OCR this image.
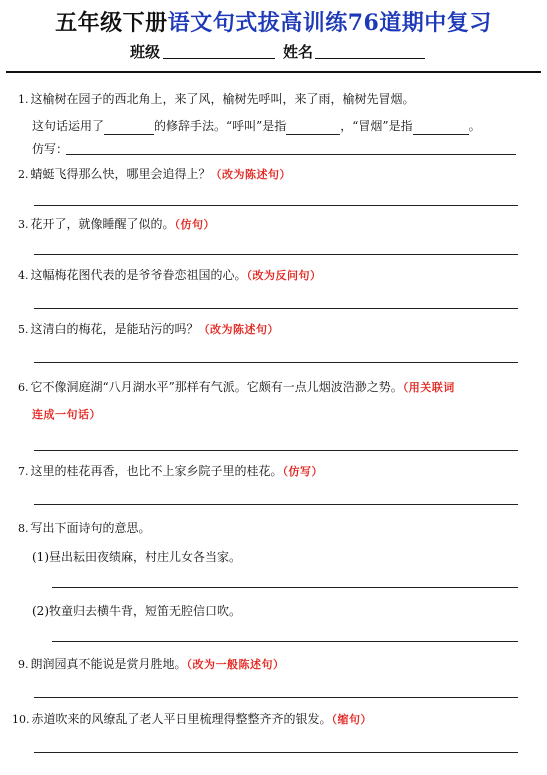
五年级下册语文句式拔高训练76道期中复习
班级	姓名
1. 这榆树在园子的西北角上，来了风，榆树先呼叫，来了雨，榆树先冒烟。
这句话运用了	的修辞手法。“呼叫”是指	，“冒烟”是指	。
仿写：
2. 蜻蜓飞得那么快，哪里会追得上？（改为陈述句）
3. 花开了，就像睡醒了似的。（仿句）
4. 这幅梅花图代表的是爷爷眷恋祖国的心。（改为反问句）
5. 这清白的梅花，是能玷污的吗？（改为陈述句）
6. 它不像洞庭湖“八月湖水平”那样有气派。它颇有一点儿烟波浩渺之势。（用关联词
连成一句话）
7. 这里的桂花再香，也比不上家乡院子里的桂花。（仿写）
8. 写出下面诗句的意思。
(1)昼出耘田夜绩麻，村庄儿女各当家。
(2)牧童归去横牛背，短笛无腔信口吹。
9. 朗润园真不能说是赏月胜地。（改为一般陈述句）
10. 赤道吹来的风缭乱了老人平日里梳理得整整齐齐的银发。（缩句）
